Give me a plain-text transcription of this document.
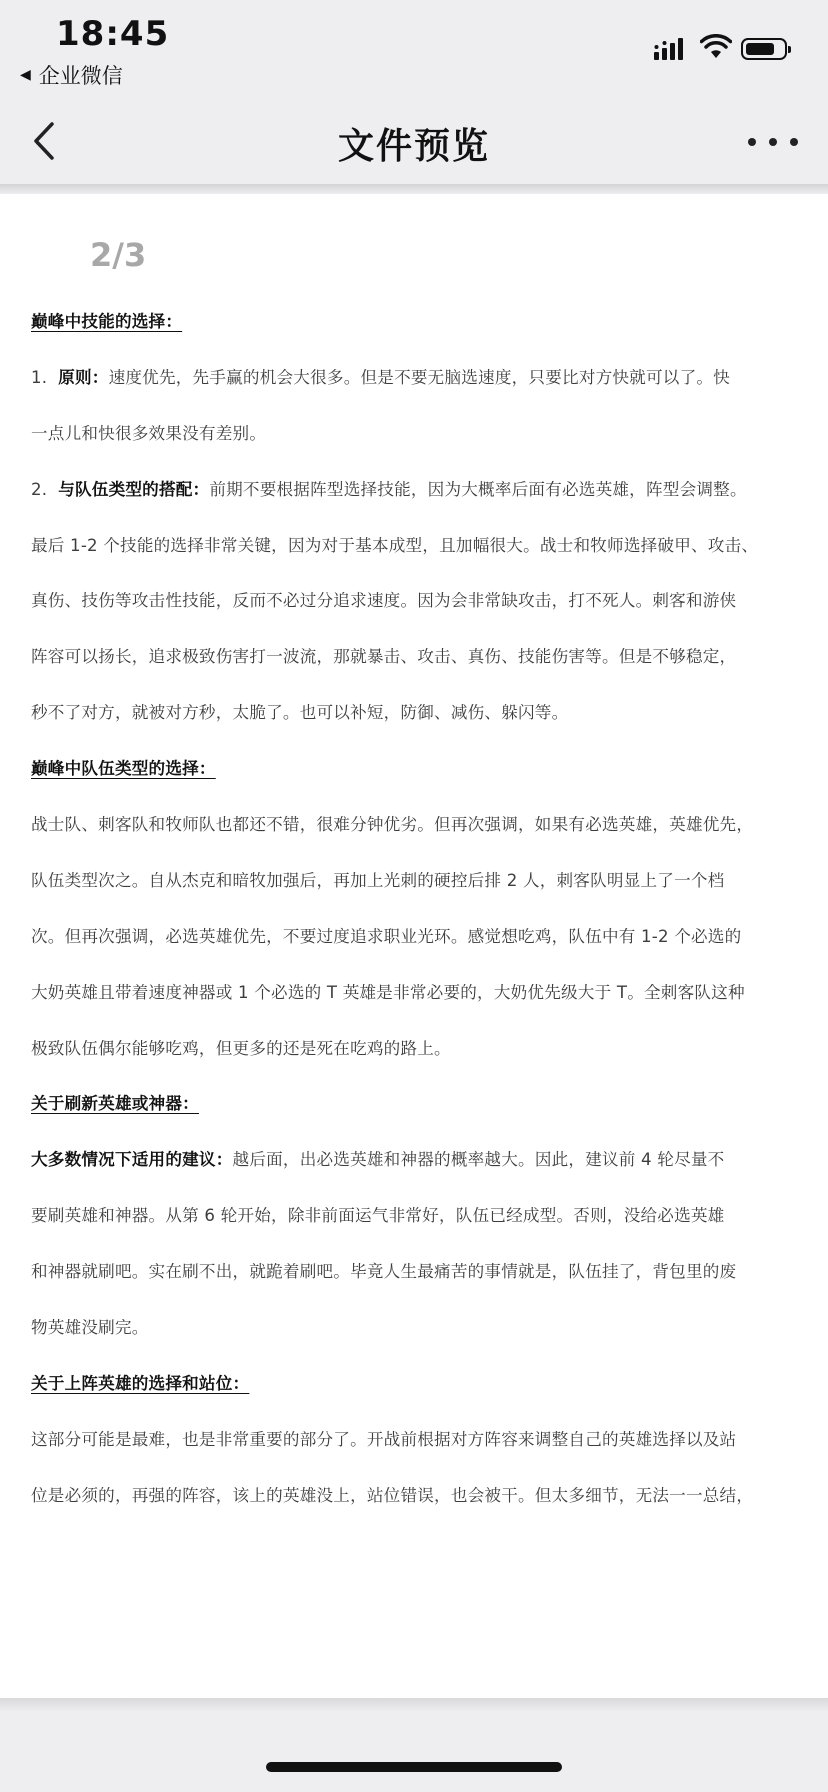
18:45
◀ 企业微信
文件预览
2/3
巅峰中技能的选择：
1.  原则：速度优先，先手赢的机会大很多。但是不要无脑选速度，只要比对方快就可以了。快
一点儿和快很多效果没有差别。
2.  与队伍类型的搭配：前期不要根据阵型选择技能，因为大概率后面有必选英雄，阵型会调整。
最后 1-2 个技能的选择非常关键，因为对于基本成型，且加幅很大。战士和牧师选择破甲、攻击、
真伤、技伤等攻击性技能，反而不必过分追求速度。因为会非常缺攻击，打不死人。刺客和游侠
阵容可以扬长，追求极致伤害打一波流，那就暴击、攻击、真伤、技能伤害等。但是不够稳定，
秒不了对方，就被对方秒，太脆了。也可以补短，防御、减伤、躲闪等。
巅峰中队伍类型的选择：
战士队、刺客队和牧师队也都还不错，很难分钟优劣。但再次强调，如果有必选英雄，英雄优先，
队伍类型次之。自从杰克和暗牧加强后，再加上光刺的硬控后排 2 人，刺客队明显上了一个档
次。但再次强调，必选英雄优先，不要过度追求职业光环。感觉想吃鸡，队伍中有 1-2 个必选的
大奶英雄且带着速度神器或 1 个必选的 T 英雄是非常必要的，大奶优先级大于 T。全刺客队这种
极致队伍偶尔能够吃鸡，但更多的还是死在吃鸡的路上。
关于刷新英雄或神器：
大多数情况下适用的建议：越后面，出必选英雄和神器的概率越大。因此，建议前 4 轮尽量不
要刷英雄和神器。从第 6 轮开始，除非前面运气非常好，队伍已经成型。否则，没给必选英雄
和神器就刷吧。实在刷不出，就跪着刷吧。毕竟人生最痛苦的事情就是，队伍挂了，背包里的废
物英雄没刷完。
关于上阵英雄的选择和站位：
这部分可能是最难，也是非常重要的部分了。开战前根据对方阵容来调整自己的英雄选择以及站
位是必须的，再强的阵容，该上的英雄没上，站位错误，也会被干。但太多细节，无法一一总结，
